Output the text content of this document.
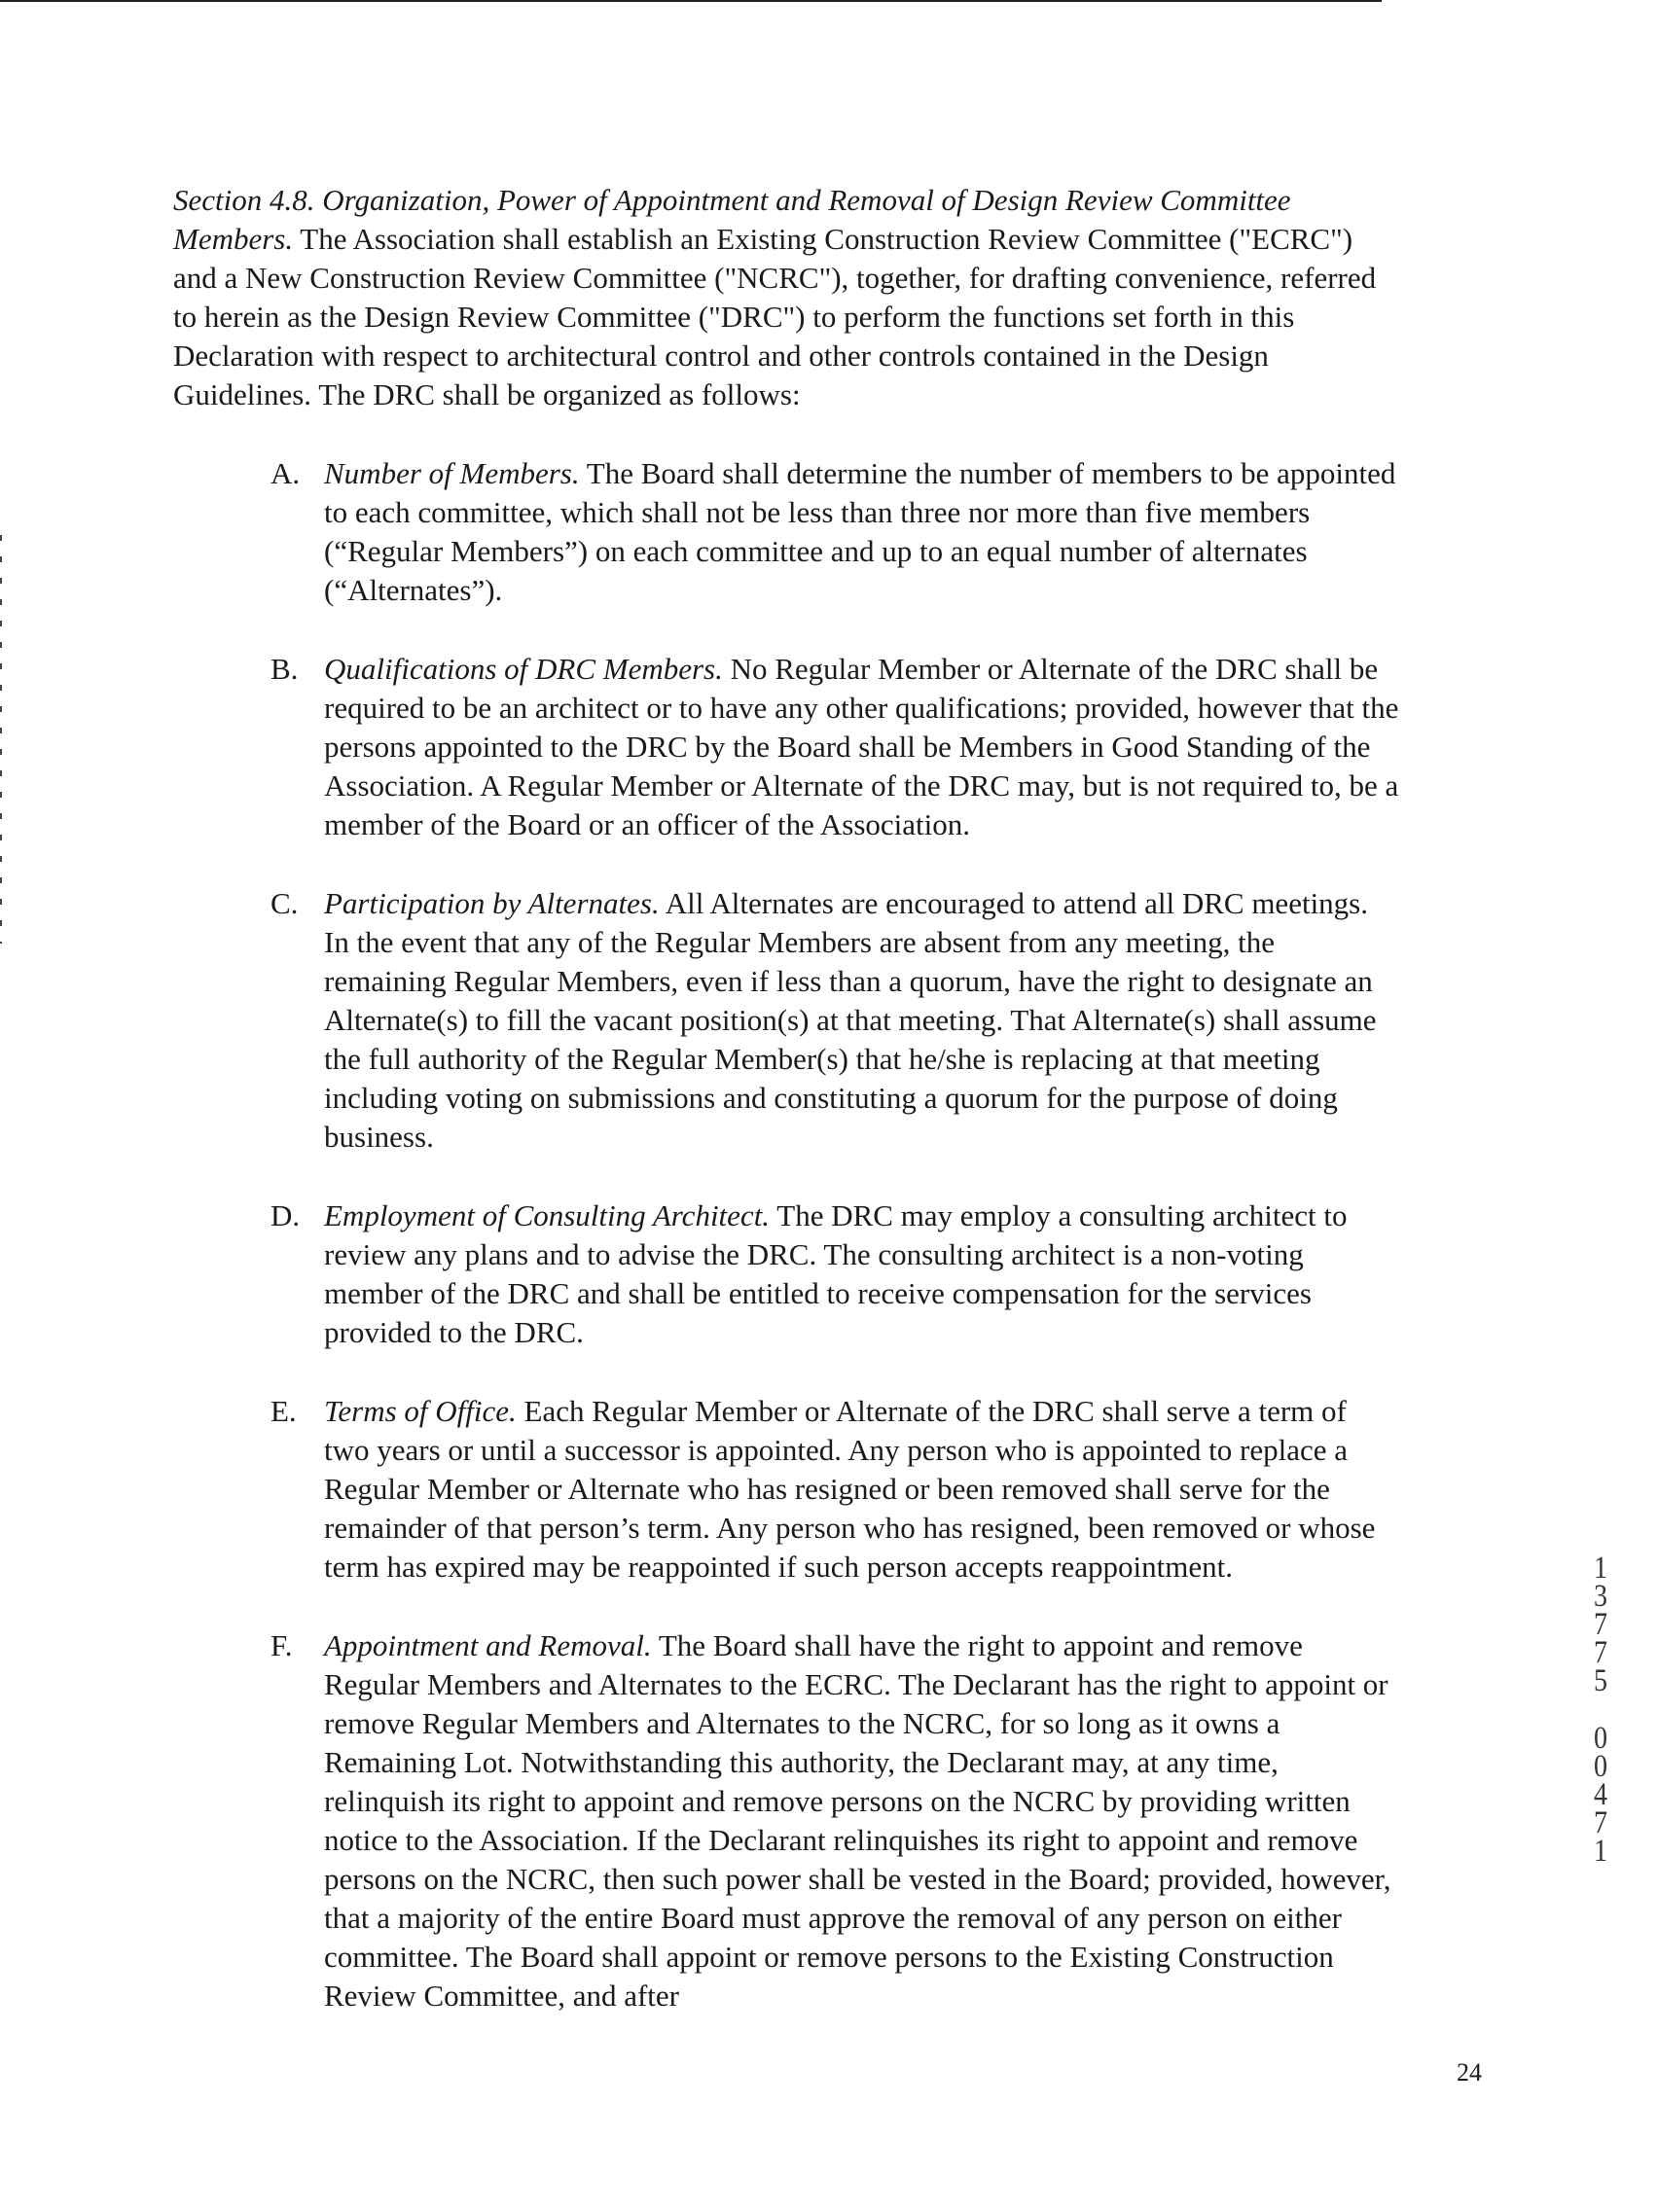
Section 4.8. Organization, Power of Appointment and Removal of Design Review Committee Members. The Association shall establish an Existing Construction Review Committee ("ECRC") and a New Construction Review Committee ("NCRC"), together, for drafting convenience, referred to herein as the Design Review Committee ("DRC") to perform the functions set forth in this Declaration with respect to architectural control and other controls contained in the Design Guidelines. The DRC shall be organized as follows:

A. Number of Members. The Board shall determine the number of members to be appointed to each committee, which shall not be less than three nor more than five members (“Regular Members”) on each committee and up to an equal number of alternates (“Alternates”).
B. Qualifications of DRC Members. No Regular Member or Alternate of the DRC shall be required to be an architect or to have any other qualifications; provided, however that the persons appointed to the DRC by the Board shall be Members in Good Standing of the Association. A Regular Member or Alternate of the DRC may, but is not required to, be a member of the Board or an officer of the Association.
C. Participation by Alternates. All Alternates are encouraged to attend all DRC meetings. In the event that any of the Regular Members are absent from any meeting, the remaining Regular Members, even if less than a quorum, have the right to designate an Alternate(s) to fill the vacant position(s) at that meeting. That Alternate(s) shall assume the full authority of the Regular Member(s) that he/she is replacing at that meeting including voting on submissions and constituting a quorum for the purpose of doing business.
D. Employment of Consulting Architect. The DRC may employ a consulting architect to review any plans and to advise the DRC. The consulting architect is a non-voting member of the DRC and shall be entitled to receive compensation for the services provided to the DRC.
E. Terms of Office. Each Regular Member or Alternate of the DRC shall serve a term of two years or until a successor is appointed. Any person who is appointed to replace a Regular Member or Alternate who has resigned or been removed shall serve for the remainder of that person’s term. Any person who has resigned, been removed or whose term has expired may be reappointed if such person accepts reappointment.
F. Appointment and Removal. The Board shall have the right to appoint and remove Regular Members and Alternates to the ECRC. The Declarant has the right to appoint or remove Regular Members and Alternates to the NCRC, for so long as it owns a Remaining Lot. Notwithstanding this authority, the Declarant may, at any time, relinquish its right to appoint and remove persons on the NCRC by providing written notice to the Association. If the Declarant relinquishes its right to appoint and remove persons on the NCRC, then such power shall be vested in the Board; provided, however, that a majority of the entire Board must approve the removal of any person on either committee. The Board shall appoint or remove persons to the Existing Construction Review Committee, and after
1
3
7
7
5
0
0
4
7
1
24
